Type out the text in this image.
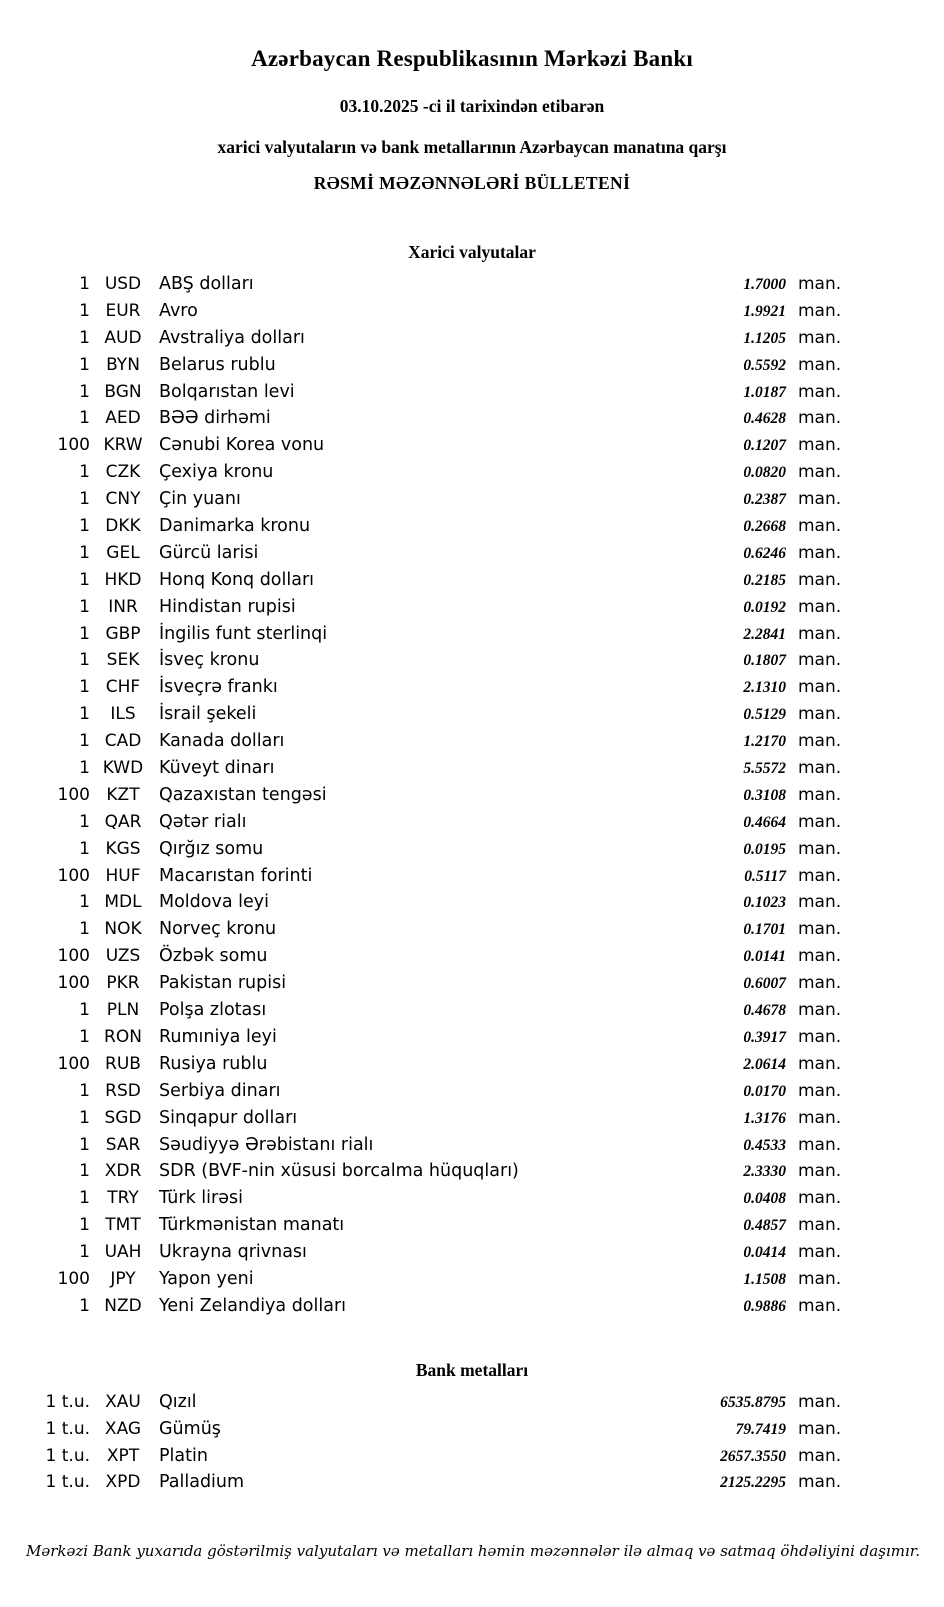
Azərbaycan Respublikasının Mərkəzi Bankı
03.10.2025 -ci il tarixindən etibarən
xarici valyutaların və bank metallarının Azərbaycan manatına qarşı
RƏSMİ MƏZƏNNƏLƏRİ BÜLLETENİ
Xarici valyutalar
1 USD	ABŞ dolları	1.7000 man.
1 EUR	Avro	1.9921 man.
1 AUD Avstraliya dolları	1.1205 man.
1 BYN	Belarus rublu	0.5592 man.
1 BGN Bolqarıstan levi	1.0187 man.
1 AED	BƏƏ dirhəmi	0.4628 man.
100 KRW Cənubi Korea vonu	0.1207 man.
1 CZK	Çexiya kronu	0.0820 man.
1 CNY	Çin yuanı	0.2387 man.
1 DKK	Danimarka kronu	0.2668 man.
1 GEL	Gürcü larisi	0.6246 man.
1 HKD Honq Konq dolları	0.2185 man.
1	INR	Hindistan rupisi	0.0192 man.
1 GBP	İngilis funt sterlinqi	2.2841 man.
1 SEK	İsveç kronu	0.1807 man.
1 CHF	İsveçrə frankı	2.1310 man.
1	ILS	İsrail şekeli	0.5129 man.
1 CAD	Kanada dolları	1.2170 man.
1 KWD Küveyt dinarı	5.5572 man.
100 KZT	Qazaxıstan tengəsi	0.3108 man.
1 QAR	Qətər rialı	0.4664 man.
1 KGS	Qırğız somu	0.0195 man.
100 HUF	Macarıstan forinti	0.5117 man.
1 MDL Moldova leyi	0.1023 man.
1 NOK Norveç kronu	0.1701 man.
100 UZS	Özbək somu	0.0141 man.
100 PKR	Pakistan rupisi	0.6007 man.
1 PLN	Polşa zlotası	0.4678 man.
1 RON Rumıniya leyi	0.3917 man.
100 RUB	Rusiya rublu	2.0614 man.
1 RSD	Serbiya dinarı	0.0170 man.
1 SGD Sinqapur dolları	1.3176 man.
1 SAR	Səudiyyə Ərəbistanı rialı	0.4533 man.
1 XDR	SDR (BVF-nin xüsusi borcalma hüquqları)	2.3330 man.
1	TRY	Türk lirəsi	0.0408 man.
1 TMT	Türkmənistan manatı	0.4857 man.
1 UAH	Ukrayna qrivnası	0.0414 man.
100	JPY	Yapon yeni	1.1508 man.
1 NZD Yeni Zelandiya dolları	0.9886 man.
Bank metalları
1 t.u. XAU	Qızıl	6535.8795 man.
1 t.u. XAG	Gümüş	79.7419 man.
1 t.u. XPT	Platin	2657.3550 man.
1 t.u. XPD	Palladium	2125.2295 man.
Mərkəzi Bank yuxarıda göstərilmiş valyutaları və metalları həmin məzənnələr ilə almaq və satmaq öhdəliyini daşımır.
